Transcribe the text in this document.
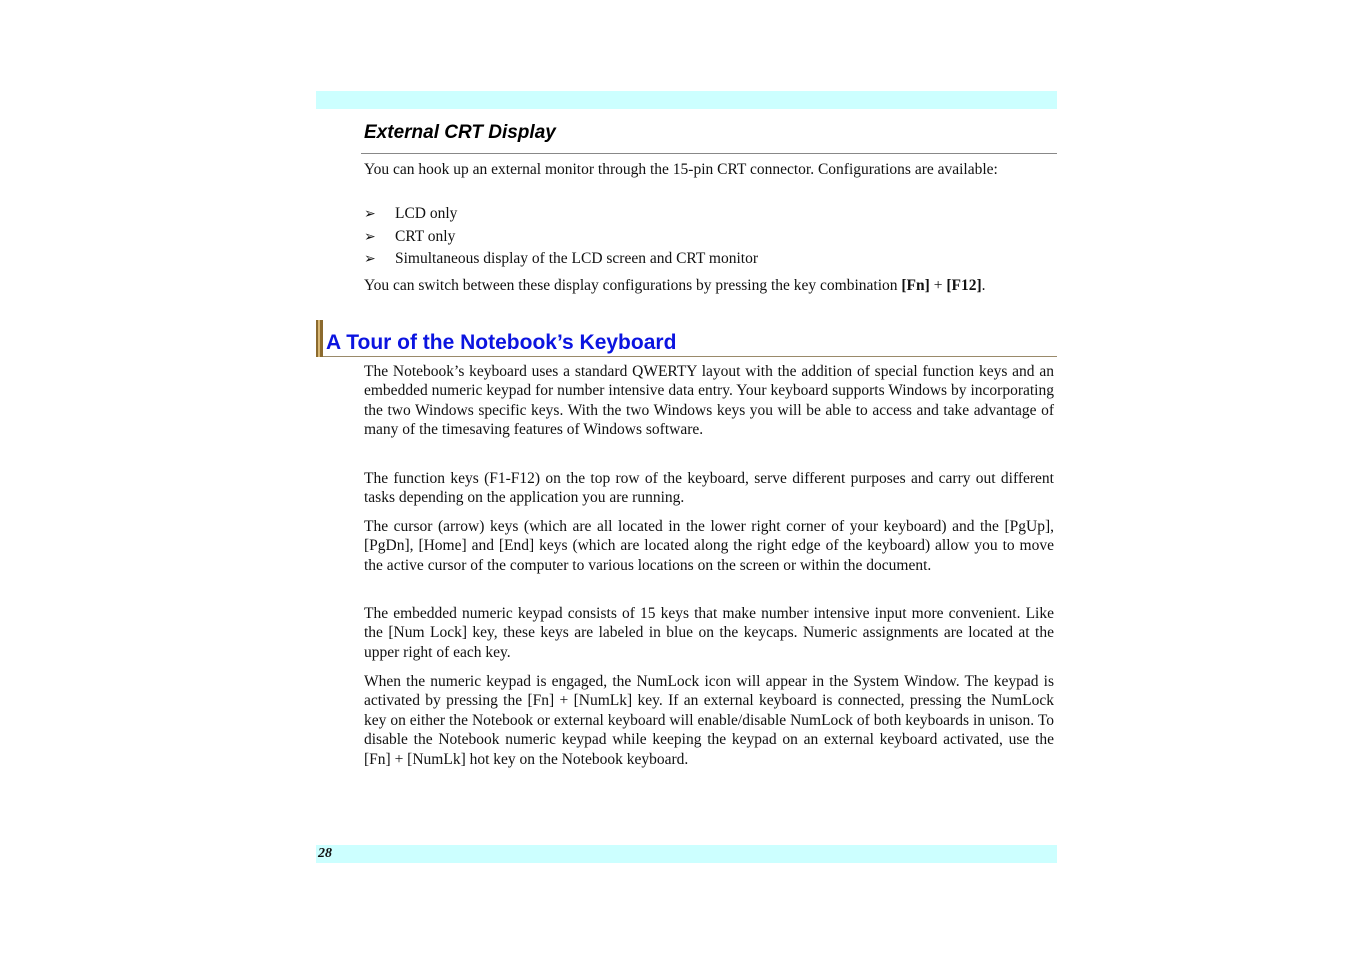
External CRT Display

You can hook up an external monitor through the 15-pin CRT connector. Configurations are available:

➢ LCD only
➢ CRT only
➢ Simultaneous display of the LCD screen and CRT monitor

You can switch between these display configurations by pressing the key combination [Fn] + [F12].

A Tour of the Notebook’s Keyboard

The Notebook’s keyboard uses a standard QWERTY layout with the addition of special function keys and an embedded numeric keypad for number intensive data entry. Your keyboard supports Windows by incorporating the two Windows specific keys. With the two Windows keys you will be able to access and take advantage of many of the timesaving features of Windows software.

The function keys (F1-F12) on the top row of the keyboard, serve different purposes and carry out different tasks depending on the application you are running.

The cursor (arrow) keys (which are all located in the lower right corner of your keyboard) and the [PgUp], [PgDn], [Home] and [End] keys (which are located along the right edge of the keyboard) allow you to move the active cursor of the computer to various locations on the screen or within the document.

The embedded numeric keypad consists of 15 keys that make number intensive input more convenient. Like the [Num Lock] key, these keys are labeled in blue on the keycaps. Numeric assignments are located at the upper right of each key.

When the numeric keypad is engaged, the NumLock icon will appear in the System Window. The keypad is activated by pressing the [Fn] + [NumLk] key. If an external keyboard is connected, pressing the NumLock key on either the Notebook or external keyboard will enable/disable NumLock of both keyboards in unison. To disable the Notebook numeric keypad while keeping the keypad on an external keyboard activated, use the [Fn] + [NumLk] hot key on the Notebook keyboard.

28
